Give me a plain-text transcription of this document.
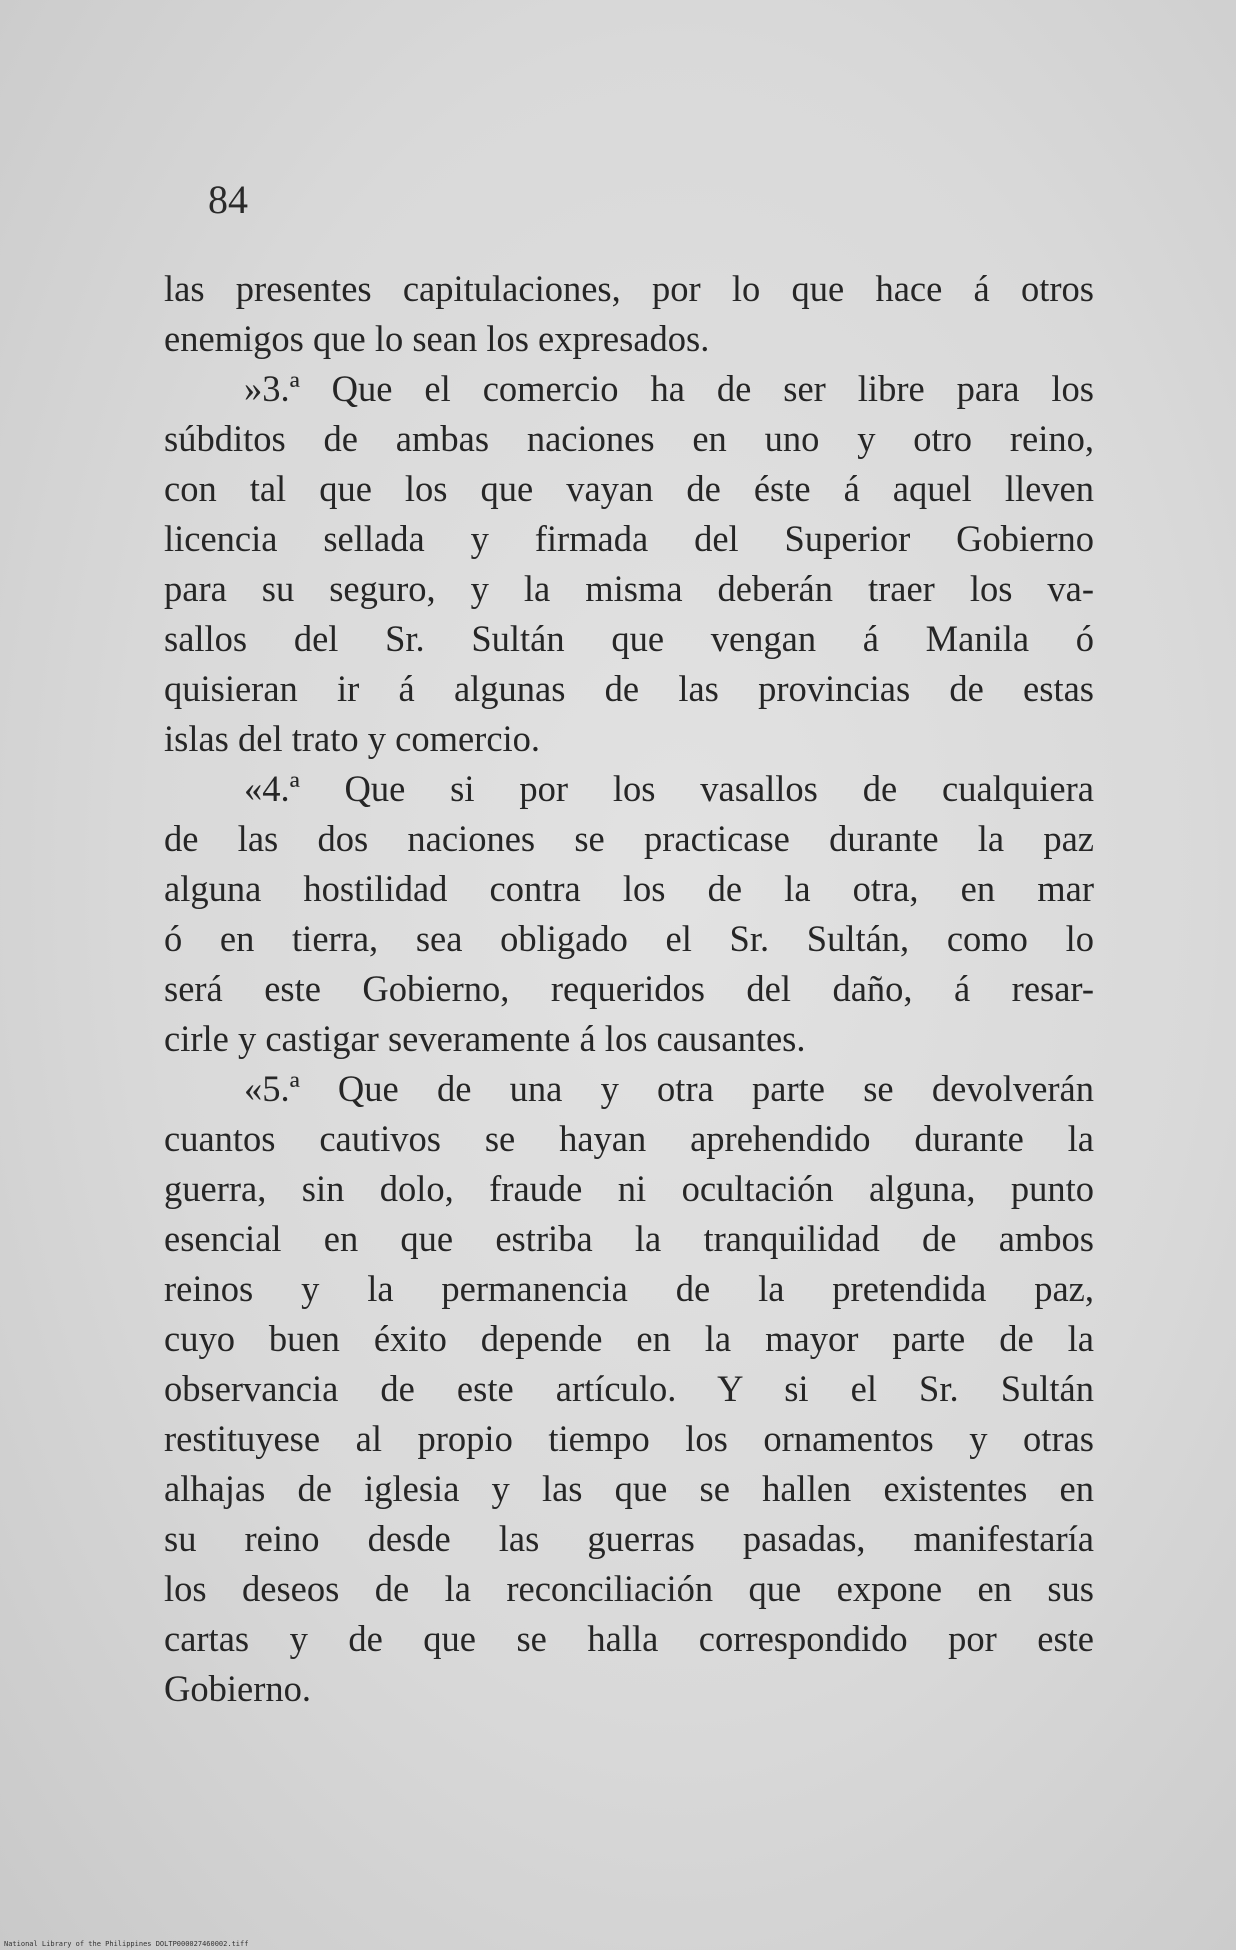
84
las presentes capitulaciones, por lo que hace á otros
enemigos que lo sean los expresados.
»3.ª Que el comercio ha de ser libre para los
súbditos de ambas naciones en uno y otro reino,
con tal que los que vayan de éste á aquel lleven
licencia sellada y firmada del Superior Gobierno
para su seguro, y la misma deberán traer los va-
sallos del Sr. Sultán que vengan á Manila ó
quisieran ir á algunas de las provincias de estas
islas del trato y comercio.
«4.ª Que si por los vasallos de cualquiera
de las dos naciones se practicase durante la paz
alguna hostilidad contra los de la otra, en mar
ó en tierra, sea obligado el Sr. Sultán, como lo
será este Gobierno, requeridos del daño, á resar-
cirle y castigar severamente á los causantes.
«5.ª Que de una y otra parte se devolverán
cuantos cautivos se hayan aprehendido durante la
guerra, sin dolo, fraude ni ocultación alguna, punto
esencial en que estriba la tranquilidad de ambos
reinos y la permanencia de la pretendida paz,
cuyo buen éxito depende en la mayor parte de la
observancia de este artículo. Y si el Sr. Sultán
restituyese al propio tiempo los ornamentos y otras
alhajas de iglesia y las que se hallen existentes en
su reino desde las guerras pasadas, manifestaría
los deseos de la reconciliación que expone en sus
cartas y de que se halla correspondido por este
Gobierno.
National Library of the Philippines DOLTP000027460002.tiff
